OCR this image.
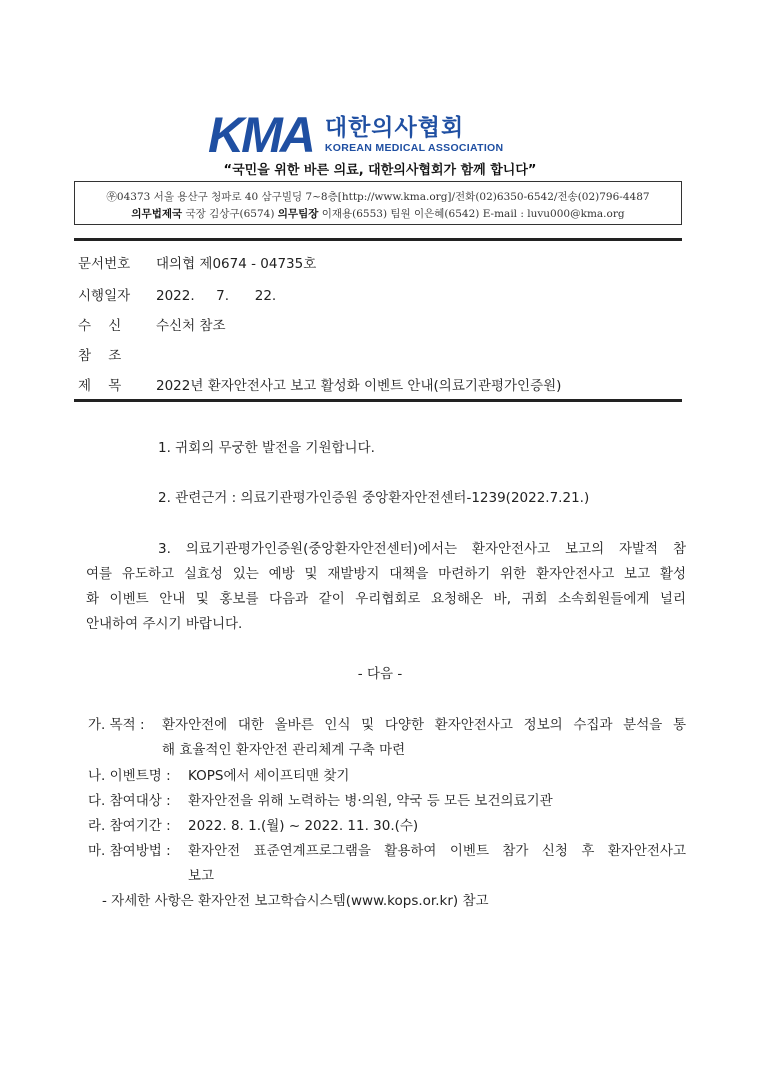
KMA 대한의사협회
KOREAN MEDICAL ASSOCIATION
“국민을 위한 바른 의료, 대한의사협회가 함께 합니다”
㉾04373 서울 용산구 청파로 40 삼구빌딩 7~8층[http://www.kma.org]/전화(02)6350-6542/전송(02)796-4487
의무법제국 국장 김상구(6574) 의무팀장 이재용(6553) 팀원 이은혜(6542) E-mail : luvu000@kma.org
문서번호 대의협 제0674 - 04735호
시행일자 2022.     7.      22.
수    신	수신처 참조
참    조
제    목	2022년 환자안전사고 보고 활성화 이벤트 안내(의료기관평가인증원)
1. 귀회의 무궁한 발전을 기원합니다.
2. 관련근거 : 의료기관평가인증원 중앙환자안전센터-1239(2022.7.21.)
3. 의료기관평가인증원(중앙환자안전센터)에서는 환자안전사고 보고의 자발적 참
여를 유도하고 실효성 있는 예방 및 재발방지 대책을 마련하기 위한 환자안전사고 보고 활성
화 이벤트 안내 및 홍보를 다음과 같이 우리협회로 요청해온 바, 귀회 소속회원들에게 널리
안내하여 주시기 바랍니다.
- 다음 -
가. 목적 : 환자안전에 대한 올바른 인식 및 다양한 환자안전사고 정보의 수집과 분석을 통
해 효율적인 환자안전 관리체계 구축 마련
나. 이벤트명 : KOPS에서 세이프티맨 찾기
다. 참여대상 : 환자안전을 위해 노력하는 병·의원, 약국 등 모든 보건의료기관
라. 참여기간 : 2022. 8. 1.(월) ~ 2022. 11. 30.(수)
마. 참여방법 : 환자안전 표준연계프로그램을 활용하여 이벤트 참가 신청 후 환자안전사고
보고
- 자세한 사항은 환자안전 보고학습시스템(www.kops.or.kr) 참고
